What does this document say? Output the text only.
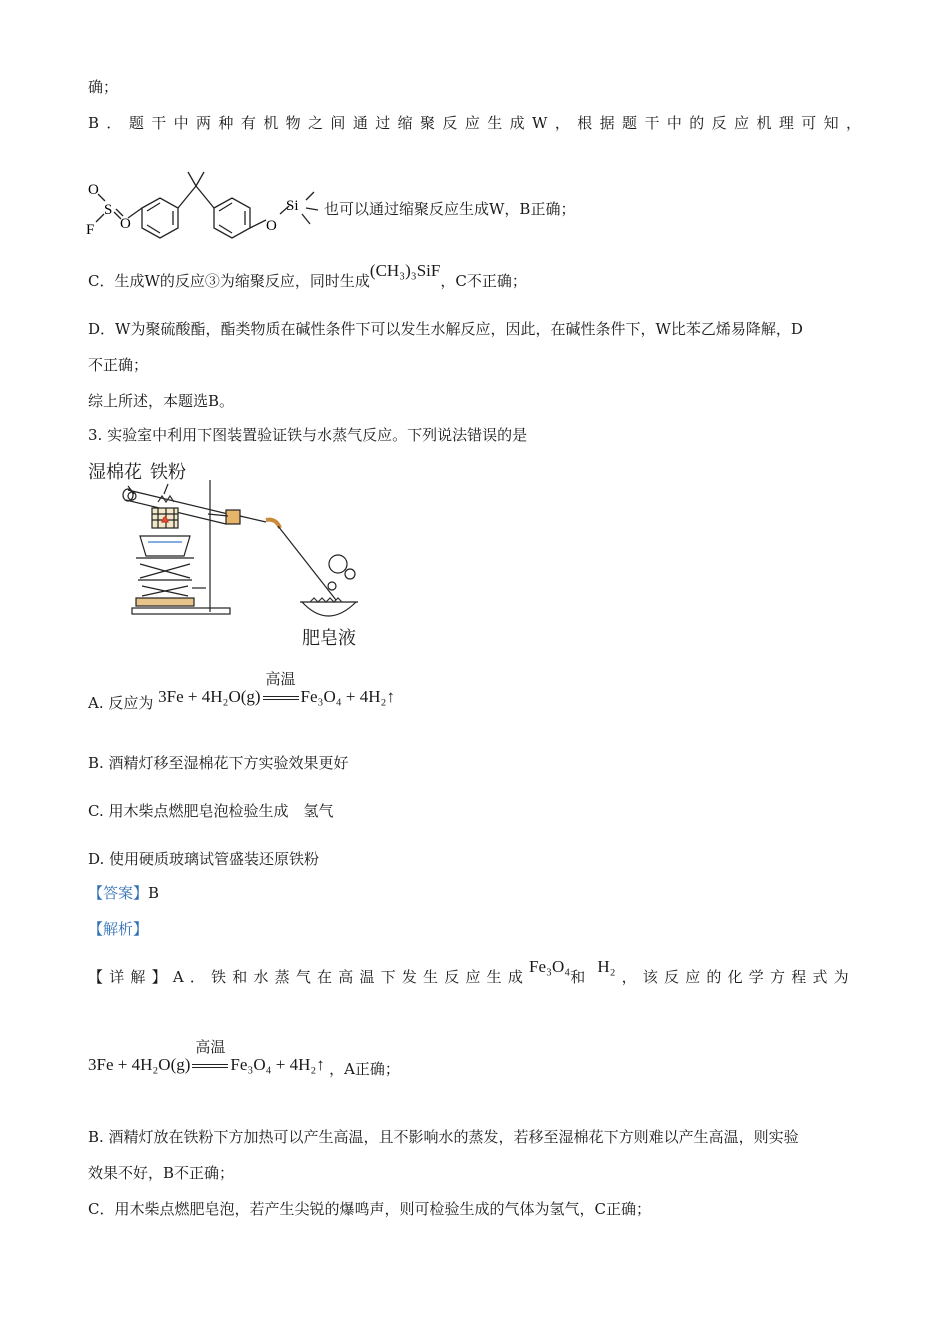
确；
B．题干中两种有机物之间通过缩聚反应生成W，根据题干中的反应机理可知，
O
S
O
F	O
Si 也可以通过缩聚反应生成W，B正确；
C．生成W的反应③为缩聚反应，同时生成(CH₃)₃SiF，C不正确；
D．W为聚硫酸酯，酯类物质在碱性条件下可以发生水解反应，因此，在碱性条件下，W比苯乙烯易降解，D
不正确；
综上所述，本题选B。
3. 实验室中利用下图装置验证铁与水蒸气反应。下列说法错误的是
湿棉花 铁粉
肥皂液
A. 反应为 3Fe + 4H₂O(g)
高温
Fe₃O₄ + 4H₂↑
B. 酒精灯移至湿棉花下方实验效果更好
C. 用木柴点燃肥皂泡检验生成　氢气
D. 使用硬质玻璃试管盛装还原铁粉
【答案】B
【解析】
【详解】A．铁和水蒸气在高温下发生反应生成Fe₃O₄和H₂，该反应的化学方程式为
3Fe + 4H₂O(g)
高温
Fe₃O₄ + 4H₂↑ ，A正确；
B. 酒精灯放在铁粉下方加热可以产生高温，且不影响水的蒸发，若移至湿棉花下方则难以产生高温，则实验
效果不好，B不正确；
C．用木柴点燃肥皂泡，若产生尖锐的爆鸣声，则可检验生成的气体为氢气，C正确；
